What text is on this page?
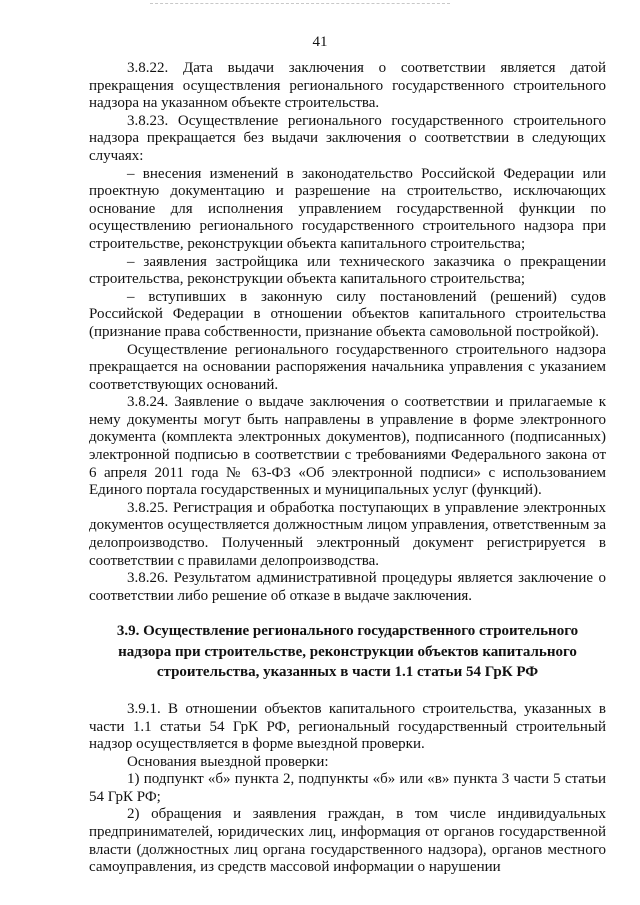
41

3.8.22. Дата выдачи заключения о соответствии является датой прекращения осуществления регионального государственного строительного надзора на указанном объекте строительства.

3.8.23. Осуществление регионального государственного строительного надзора прекращается без выдачи заключения о соответствии в следующих случаях:

– внесения изменений в законодательство Российской Федерации или проектную документацию и разрешение на строительство, исключающих основание для исполнения управлением государственной функции по осуществлению регионального государственного строительного надзора при строительстве, реконструкции объекта капитального строительства;

– заявления застройщика или технического заказчика о прекращении строительства, реконструкции объекта капитального строительства;

– вступивших в законную силу постановлений (решений) судов Российской Федерации в отношении объектов капитального строительства (признание права собственности, признание объекта самовольной постройкой).

Осуществление регионального государственного строительного надзора прекращается на основании распоряжения начальника управления с указанием соответствующих оснований.

3.8.24. Заявление о выдаче заключения о соответствии и прилагаемые к нему документы могут быть направлены в управление в форме электронного документа (комплекта электронных документов), подписанного (подписанных) электронной подписью в соответствии с требованиями Федерального закона от 6 апреля 2011 года № 63-ФЗ «Об электронной подписи» с использованием Единого портала государственных и муниципальных услуг (функций).

3.8.25. Регистрация и обработка поступающих в управление электронных документов осуществляется должностным лицом управления, ответственным за делопроизводство. Полученный электронный документ регистрируется в соответствии с правилами делопроизводства.

3.8.26. Результатом административной процедуры является заключение о соответствии либо решение об отказе в выдаче заключения.

3.9. Осуществление регионального государственного строительного надзора при строительстве, реконструкции объектов капитального строительства, указанных в части 1.1 статьи 54 ГрК РФ

3.9.1. В отношении объектов капитального строительства, указанных в части 1.1 статьи 54 ГрК РФ, региональный государственный строительный надзор осуществляется в форме выездной проверки.

Основания выездной проверки:

1) подпункт «б» пункта 2, подпункты «б» или «в» пункта 3 части 5 статьи 54 ГрК РФ;

2) обращения и заявления граждан, в том числе индивидуальных предпринимателей, юридических лиц, информация от органов государственной власти (должностных лиц органа государственного надзора), органов местного самоуправления, из средств массовой информации о нарушении
